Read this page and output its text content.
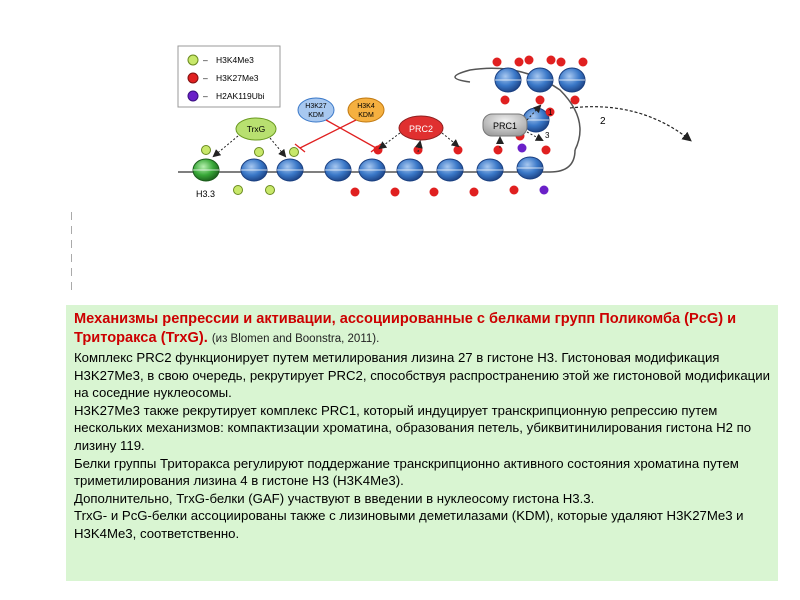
H3K4Me3
–
– H3K27Me3
– H2AK119Ubi
2
H3.3
TrxG
H3K27
KDM
H3K4
KDM
PRC2	PRC1
1
3

Механизмы репрессии и активации, ассоциированные с белками групп Поликомба (PcG) и Триторакса (TrxG). (из Blomen and Boonstra, 2011).

Комплекс PRC2 функционирует путем метилирования лизина 27 в гистоне Н3. Гистоновая модификация H3K27Me3, в свою очередь, рекрутирует PRC2, способствуя распространению этой же гистоновой модификации на соседние нуклеосомы.

H3K27Me3 также рекрутирует комплекс PRC1, который индуцирует транскрипционную репрессию путем нескольких механизмов: компактизации хроматина, образования петель, убиквитинилирования гистона Н2 по лизину 119.

Белки группы Триторакса регулируют поддержание транскрипционно активного состояния хроматина путем триметилирования лизина 4 в гистоне Н3 (H3K4Me3).

Дополнительно, TrxG-белки (GAF) участвуют в введении в нуклеосому гистона Н3.3.

TrxG- и PcG-белки ассоциированы также с лизиновыми деметилазами (KDM), которые удаляют H3K27Me3 и H3K4Me3, соответственно.
